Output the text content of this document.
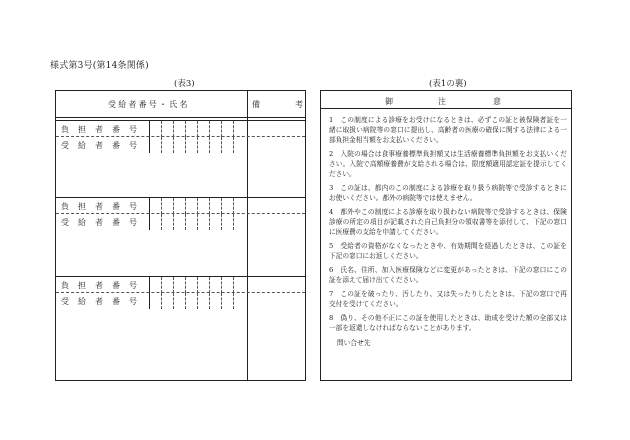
様式第3号(第14条関係)
(表3)	(表1の裏)
受給者番号・氏名	備	考
負 担 者 番 号
受 給 者 番 号
負 担 者 番 号
受 給 者 番 号
負 担 者 番 号
受 給 者 番 号
御	注	意
1　この制度による診療をお受けになるときは、必ずこの証と被保険者証を一緒に取扱い病院等の窓口に提出し、高齢者の医療の確保に関する法律による一部負担金相当額をお支払いください。
2　入院の場合は食事療養標準負担額又は生活療養標準負担額をお支払いください。入院で高額療養費が支給される場合は、限度額適用認定証を提示してください。
3　この証は、都内のこの制度による診療を取り扱う病院等で受診するときにお使いください。都外の病院等では使えません。
4　都外やこの制度による診療を取り扱わない病院等で受診するときは、保険診療の所定の項目が記載された自己負担分の領収書等を添付して、下記の窓口に医療費の支給を申請してください。
5　受給者の資格がなくなったときや、有効期間を経過したときは、この証を下記の窓口にお返しください。
6　氏名、住所、加入医療保険などに変更があったときは、下記の窓口にこの証を添えて届け出てください。
7　この証を破ったり、汚したり、又は失ったりしたときは、下記の窓口で再交付を受けてください。
8　偽り、その他不正にこの証を使用したときは、助成を受けた額の全部又は一部を返還しなければならないことがあります。
問い合せ先
